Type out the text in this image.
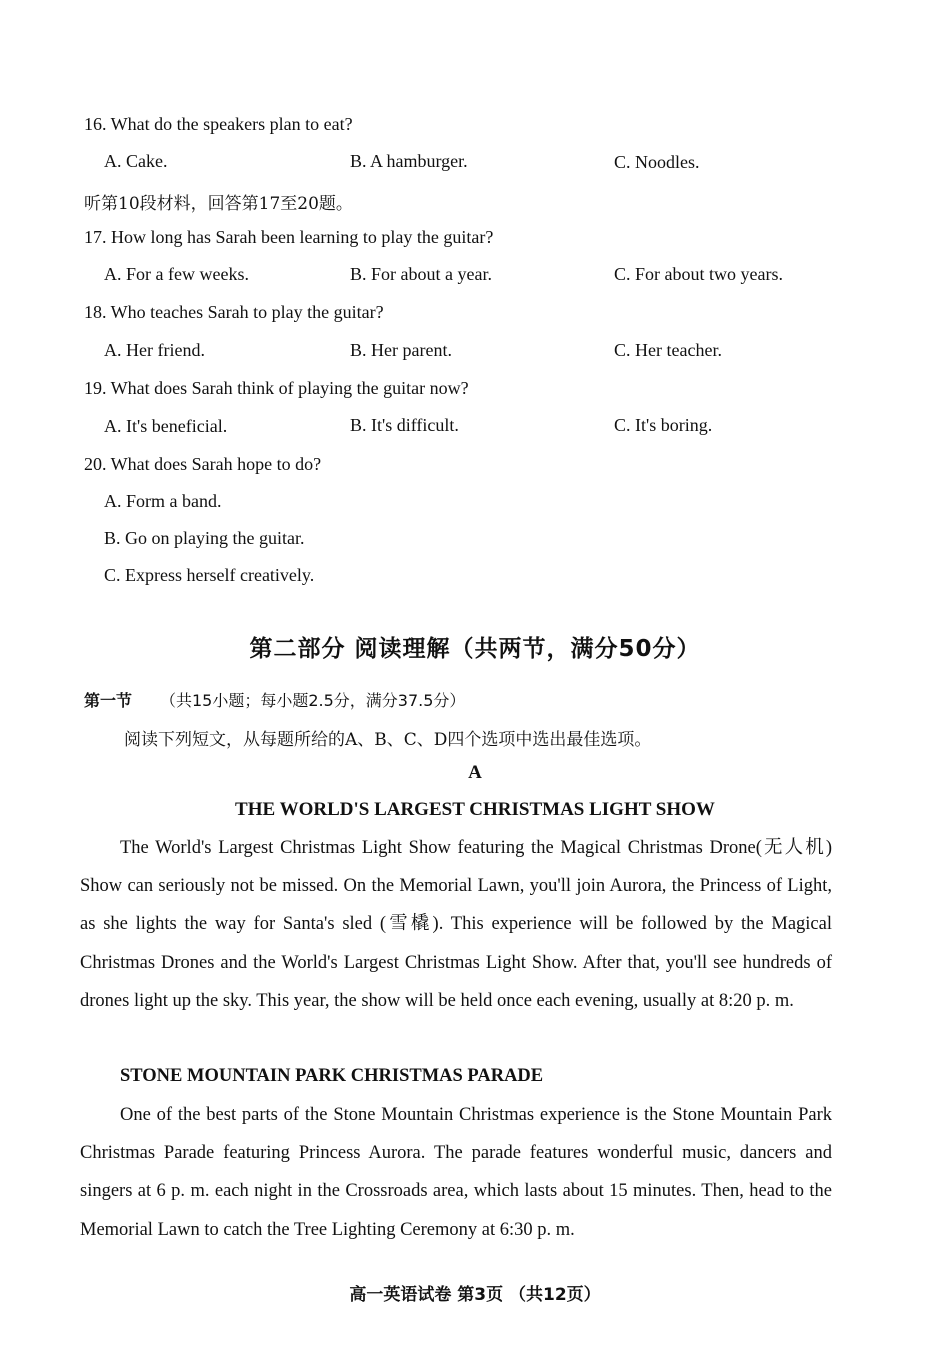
16. What do the speakers plan to eat?
A. Cake.	B. A hamburger.	C. Noodles.
听第10段材料，回答第17至20题。
17. How long has Sarah been learning to play the guitar?
A. For a few weeks.	B. For about a year.	C. For about two years.
18. Who teaches Sarah to play the guitar?
A. Her friend.	B. Her parent.	C. Her teacher.
19. What does Sarah think of playing the guitar now?
A. It's beneficial.	B. It's difficult.	C. It's boring.
20. What does Sarah hope to do?
A. Form a band.
B. Go on playing the guitar.
C. Express herself creatively.
第二部分 阅读理解（共两节，满分50分）
第一节 （共15小题；每小题2.5分，满分37.5分）
阅读下列短文，从每题所给的A、B、C、D四个选项中选出最佳选项。
A
THE WORLD'S LARGEST CHRISTMAS LIGHT SHOW
The World's Largest Christmas Light Show featuring the Magical Christmas Drone(无人机) Show can seriously not be missed. On the Memorial Lawn, you'll join Aurora, the Princess of Light, as she lights the way for Santa's sled (雪橇). This experience will be followed by the Magical Christmas Drones and the World's Largest Christmas Light Show. After that, you'll see hundreds of drones light up the sky. This year, the show will be held once each evening, usually at 8:20 p. m.
STONE MOUNTAIN PARK CHRISTMAS PARADE
One of the best parts of the Stone Mountain Christmas experience is the Stone Mountain Park Christmas Parade featuring Princess Aurora. The parade features wonderful music, dancers and singers at 6 p. m. each night in the Crossroads area, which lasts about 15 minutes. Then, head to the Memorial Lawn to catch the Tree Lighting Ceremony at 6:30 p. m.
高一英语试卷 第3页 （共12页）
